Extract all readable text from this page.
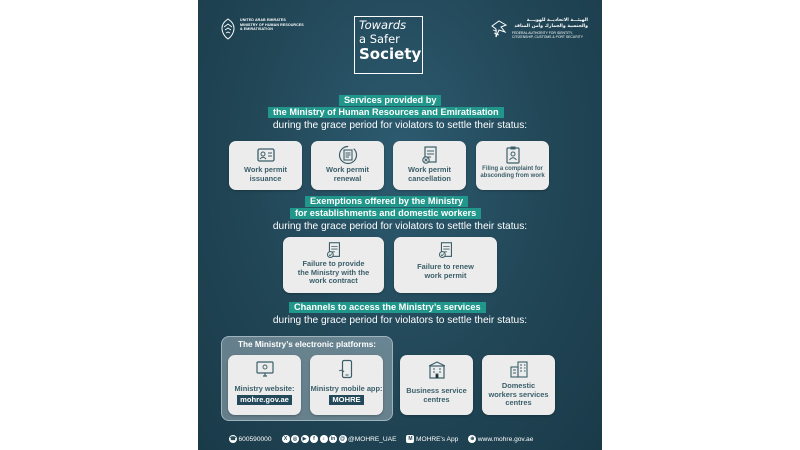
UNITED ARAB EMIRATES
MINISTRY OF HUMAN RESOURCES
& EMIRATISATION	Towards
a Safer
Society
الهيئـــة الاتحاديــة للهويـــة
والجنسية والجمارك وأمن المنافذ
FEDERAL AUTHORITY FOR IDENTITY,
CITIZENSHIP, CUSTOMS & PORT SECURITY
Services provided by
the Ministry of Human Resources and Emiratisation
during the grace period for violators to settle their status:
Work permit
issuance
Work permit
renewal
Work permit
cancellation
Filing a complaint for
absconding from work
Exemptions offered by the Ministry
for establishments and domestic workers
during the grace period for violators to settle their status:
Failure to provide
the Ministry with the
work contract
Failure to renew
work permit
Channels to access the Ministry’s services
during the grace period for violators to settle their status:
The Ministry’s electronic platforms:
Ministry website:
mohre.gov.ae
Ministry mobile app:
MOHRE
Business service
centres
Domestic
workers services
centres
☎ 600590000	X	◎	▶	f	♪	in @ @MOHRE_UAE	M MOHRE's App	⊕ www.mohre.gov.ae
